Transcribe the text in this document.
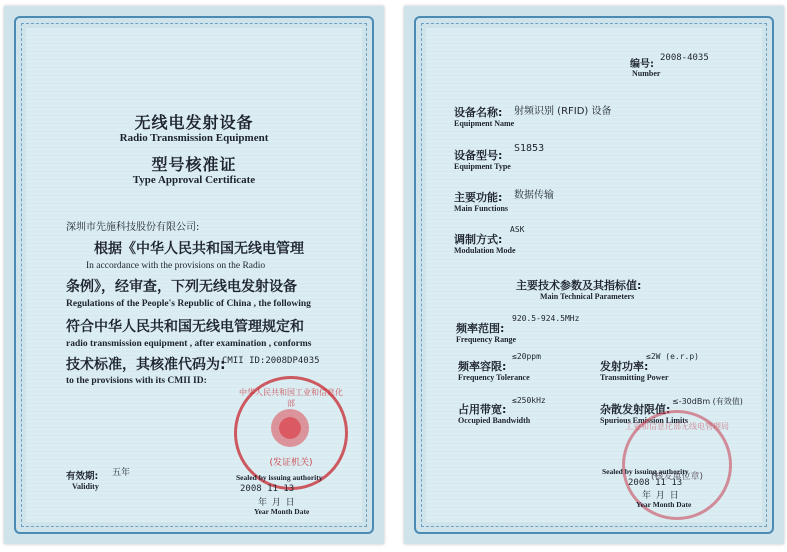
无线电发射设备
Radio Transmission Equipment
型号核准证
Type Approval Certificate
深圳市先施科技股份有限公司:
根据《中华人民共和国无线电管理
In accordance with the provisions on the Radio
条例》，经审查，下列无线电发射设备
Regulations of the People's Republic of China , the following
符合中华人民共和国无线电管理规定和
radio transmission equipment , after examination , conforms
技术标准，其核准代码为:
CMII ID:2008DP4035
to the provisions with its CMII ID:
中华人民共和国工业和信息化部
(发证机关)
有效期: 五年
Validity
Sealed by issuing authority
2008 11 13
年 月 日
Year Month Date
编号:
2008-4035
Number
设备名称: 射频识别 (RFID) 设备
Equipment Name
设备型号:
S1853
Equipment Type
主要功能: 数据传输
Main Functions
调制方式:
ASK
Modulation Mode
主要技术参数及其指标值:
Main Technical Parameters
频率范围:
920.5-924.5MHz
Frequency Range
频率容限:
≤20ppm
Frequency Tolerance
发射功率:
≤2W (e.r.p)
Transmitting Power
占用带宽:
≤250kHz
Occupied Bandwidth
杂散发射限值:
≤-30dBm (有效值)
Spurious Emission Limits
工业和信息化部无线电管理局
(核发单位章)
Sealed by issuing authority
2008 11 13
年 月 日
Year Month Date
